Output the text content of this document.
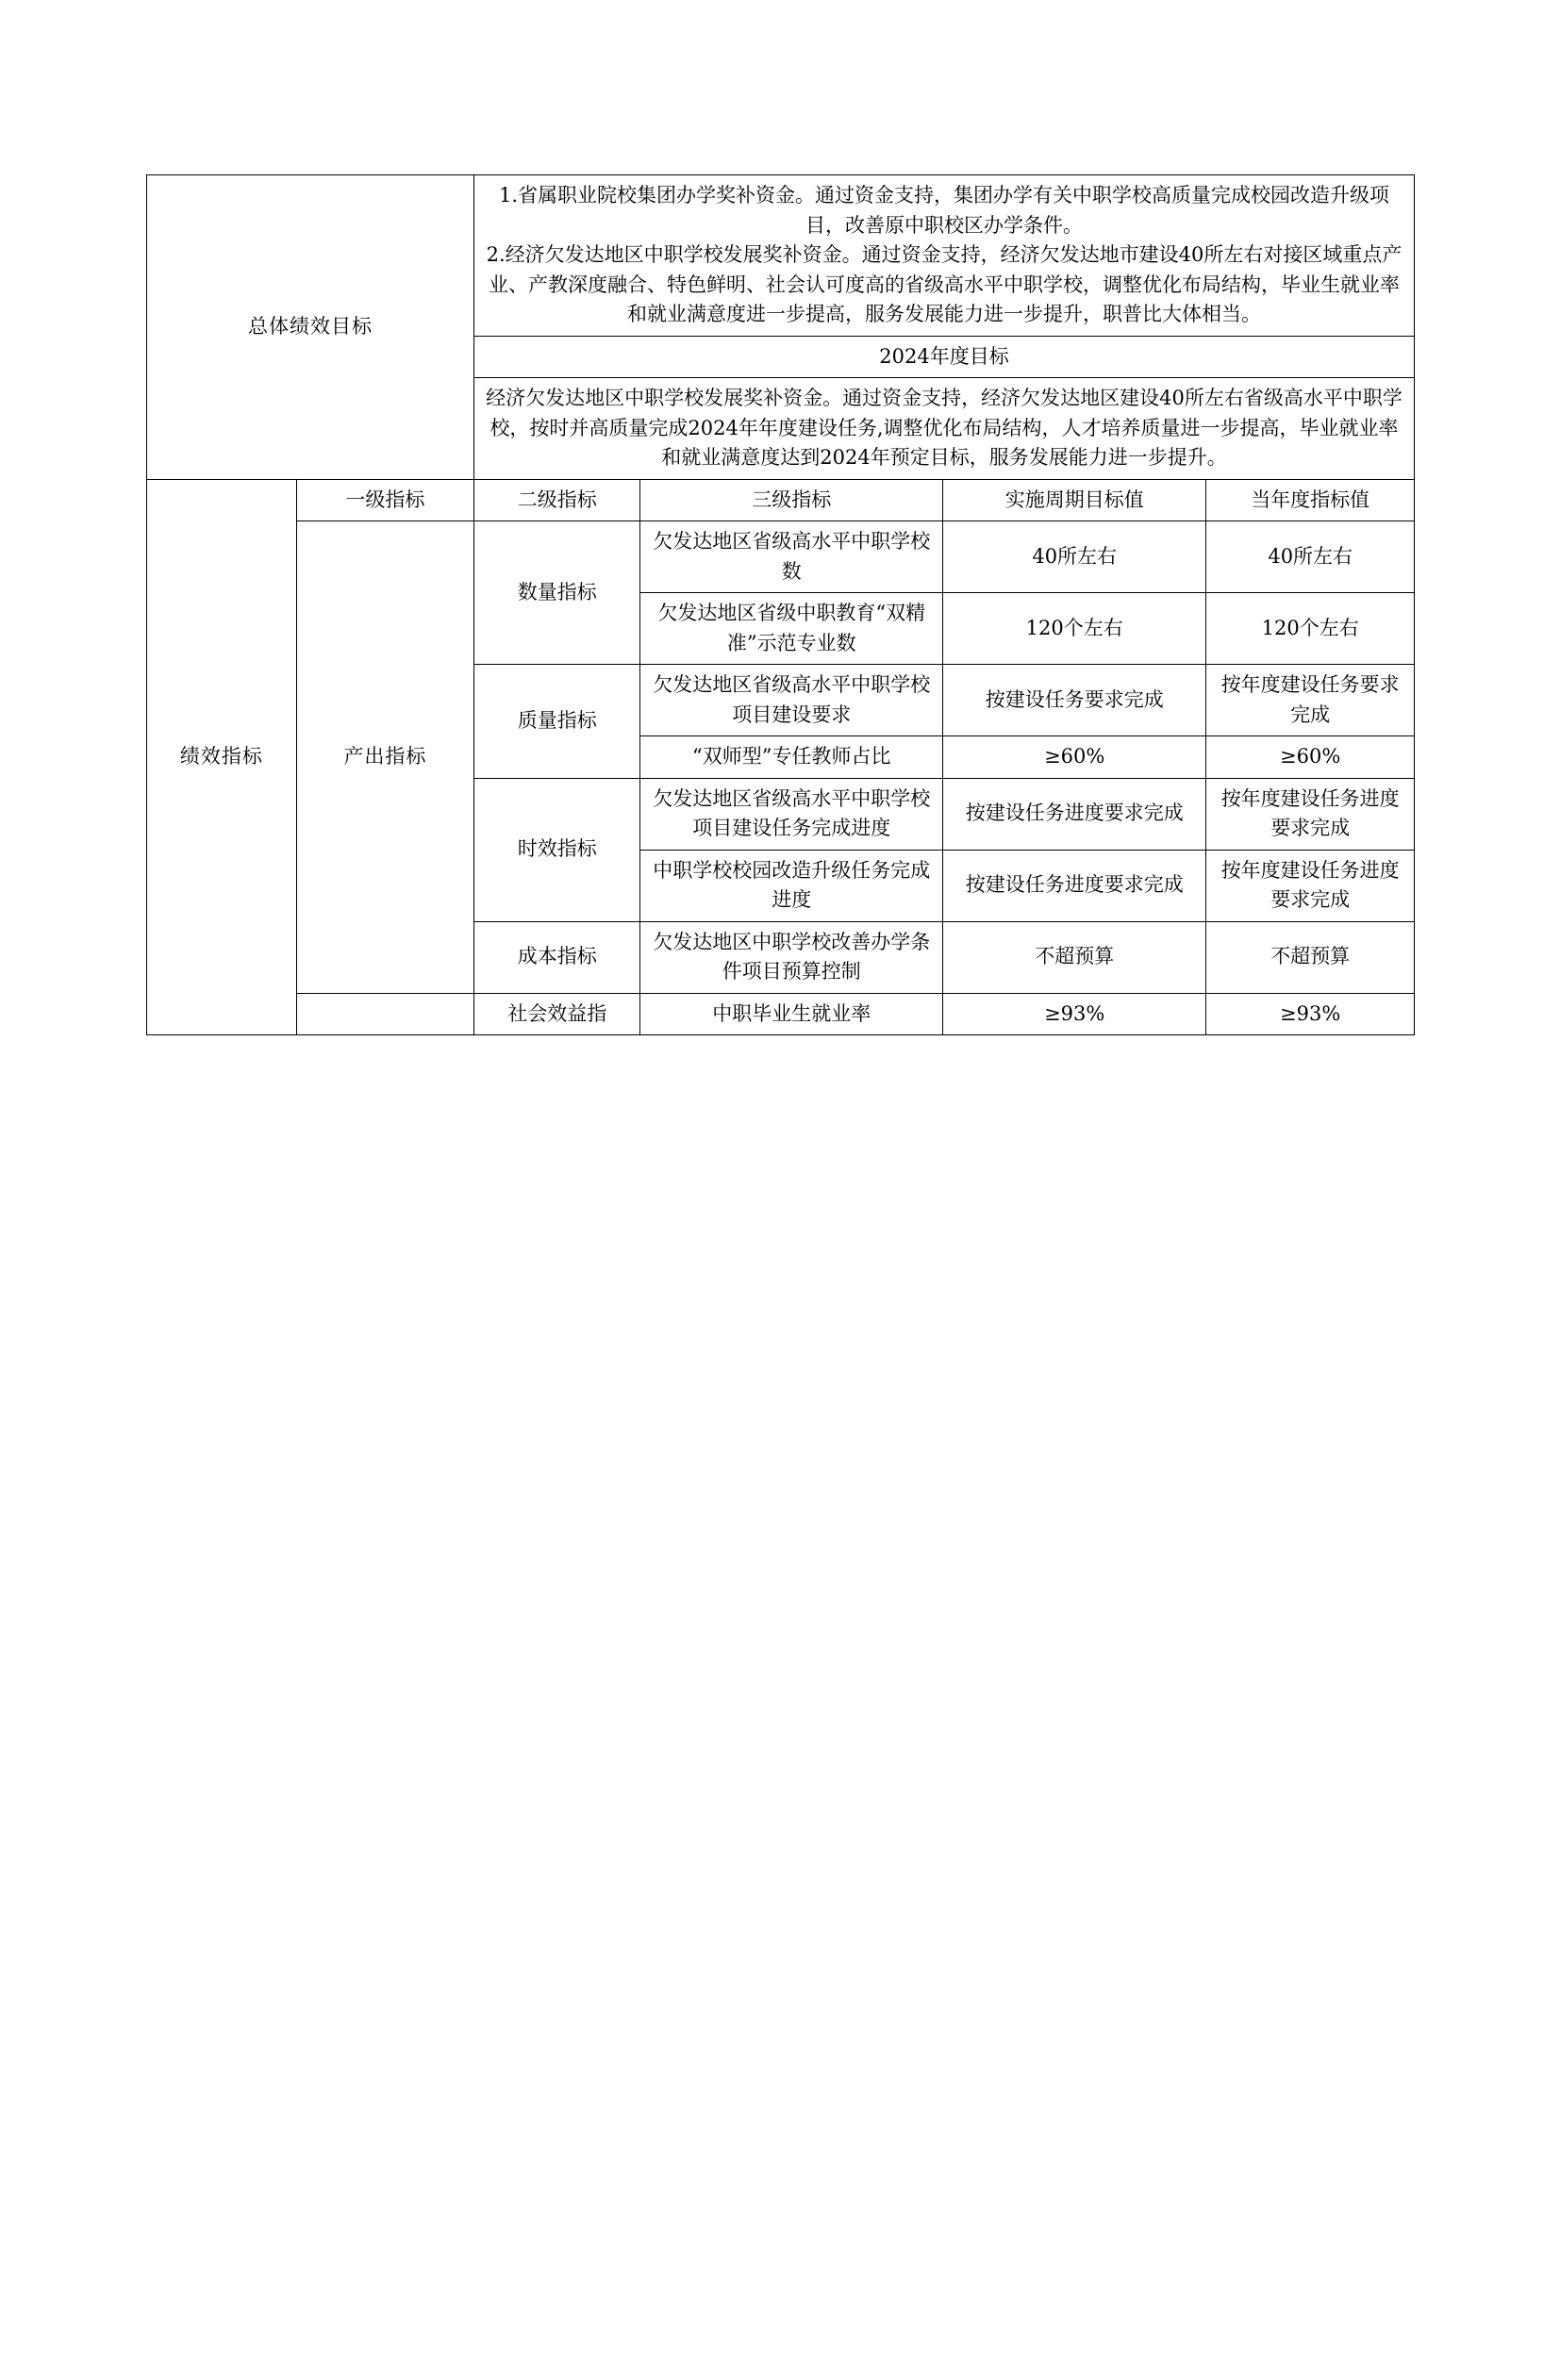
总体绩效目标		1.省属职业院校集团办学奖补资金。通过资金支持，集团办学有关中职学校高质量完成校园改造升级项目，改善原中职校区办学条件。

2.经济欠发达地区中职学校发展奖补资金。通过资金支持，经济欠发达地市建设40所左右对接区域重点产业、产教深度融合、特色鲜明、社会认可度高的省级高水平中职学校，调整优化布局结构，毕业生就业率和就业满意度进一步提高，服务发展能力进一步提升，职普比大体相当。			

		2024年度目标			
		经济欠发达地区中职学校发展奖补资金。通过资金支持，经济欠发达地区建设40所左右省级高水平中职学校，按时并高质量完成2024年年度建设任务,调整优化布局结构，人才培养质量进一步提高，毕业就业率和就业满意度达到2024年预定目标，服务发展能力进一步提升。			
绩效指标	一级指标	二级指标	三级指标	实施周期目标值	当年度指标值
	产出指标	数量指标	欠发达地区省级高水平中职学校数	40所左右	40所左右
			欠发达地区省级中职教育“双精准”示范专业数	120个左右	120个左右
		质量指标	欠发达地区省级高水平中职学校项目建设要求	按建设任务要求完成	按年度建设任务要求完成
			“双师型”专任教师占比	≥60%	≥60%
		时效指标	欠发达地区省级高水平中职学校项目建设任务完成进度	按建设任务进度要求完成	按年度建设任务进度要求完成
			中职学校校园改造升级任务完成进度	按建设任务进度要求完成	按年度建设任务进度要求完成
		成本指标	欠发达地区中职学校改善办学条件项目预算控制	不超预算	不超预算
		社会效益指	中职毕业生就业率	≥93%	≥93%
